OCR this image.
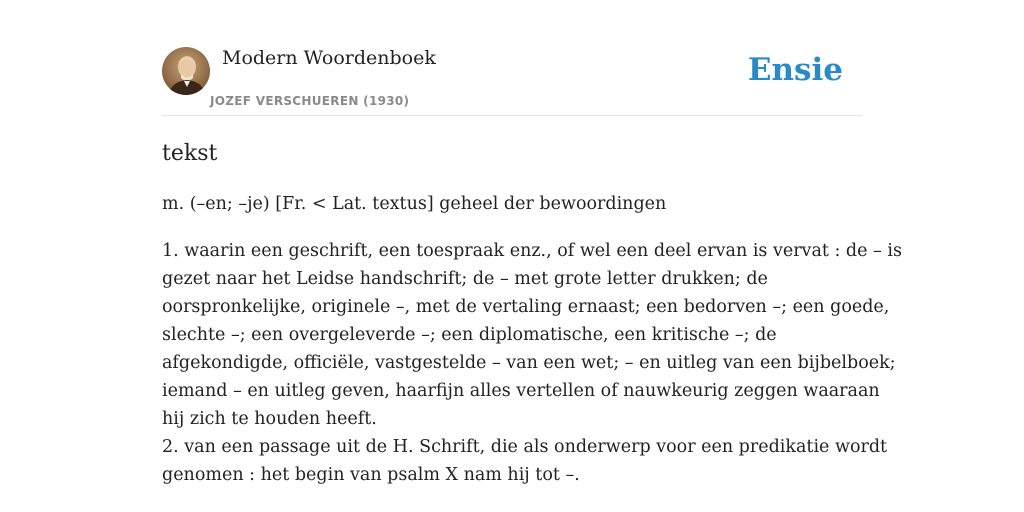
Modern Woordenboek
JOZEF VERSCHUEREN (1930)
Ensie
tekst

m. (–en; –je) [Fr. < Lat. textus] geheel der bewoordingen

1. waarin een geschrift, een toespraak enz., of wel een deel ervan is vervat : de – is
gezet naar het Leidse handschrift; de – met grote letter drukken; de
oorspronkelijke, originele –, met de vertaling ernaast; een bedorven –; een goede,
slechte –; een overgeleverde –; een diplomatische, een kritische –; de
afgekondigde, officiële, vastgestelde – van een wet; – en uitleg van een bijbelboek;
iemand – en uitleg geven, haarfijn alles vertellen of nauwkeurig zeggen waaraan
hij zich te houden heeft.
2. van een passage uit de H. Schrift, die als onderwerp voor een predikatie wordt
genomen : het begin van psalm X nam hij tot –.
